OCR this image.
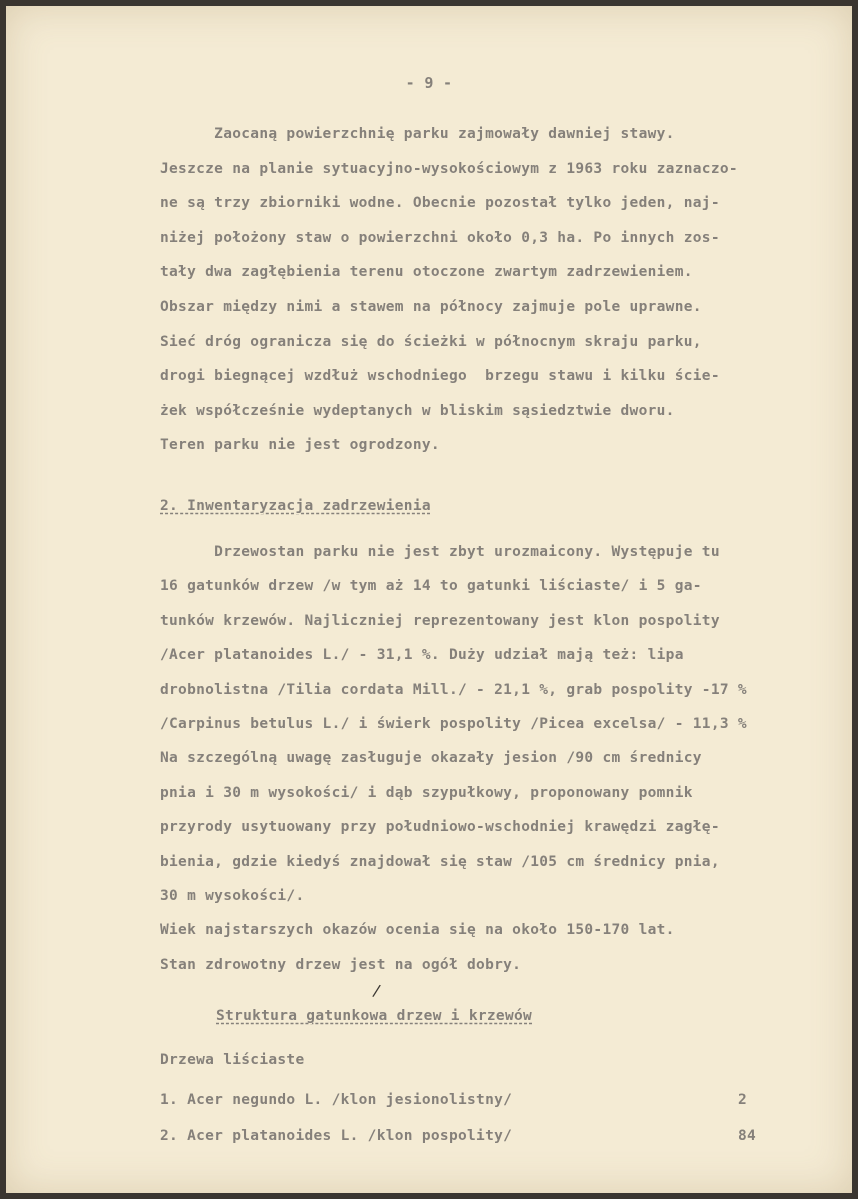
- 9 -
Zaocaną powierzchnię parku zajmowały dawniej stawy.
Jeszcze na planie sytuacyjno-wysokościowym z 1963 roku zaznaczo-
ne są trzy zbiorniki wodne. Obecnie pozostał tylko jeden, naj-
niżej położony staw o powierzchni około 0,3 ha. Po innych zos-
tały dwa zagłębienia terenu otoczone zwartym zadrzewieniem.
Obszar między nimi a stawem na północy zajmuje pole uprawne.
Sieć dróg ogranicza się do ścieżki w północnym skraju parku,
drogi biegnącej wzdłuż wschodniego  brzegu stawu i kilku ście-
żek współcześnie wydeptanych w bliskim sąsiedztwie dworu.
Teren parku nie jest ogrodzony.
2. Inwentaryzacja zadrzewienia
Drzewostan parku nie jest zbyt urozmaicony. Występuje tu
16 gatunków drzew /w tym aż 14 to gatunki liściaste/ i 5 ga-
tunków krzewów. Najliczniej reprezentowany jest klon pospolity
/Acer platanoides L./ - 31,1 %. Duży udział mają też: lipa
drobnolistna /Tilia cordata Mill./ - 21,1 %, grab pospolity -17 %
/Carpinus betulus L./ i świerk pospolity /Picea excelsa/ - 11,3 %
Na szczególną uwagę zasługuje okazały jesion /90 cm średnicy
pnia i 30 m wysokości/ i dąb szypułkowy, proponowany pomnik
przyrody usytuowany przy południowo-wschodniej krawędzi zagłę-
bienia, gdzie kiedyś znajdował się staw /105 cm średnicy pnia,
30 m wysokości/.
Wiek najstarszych okazów ocenia się na około 150-170 lat.
Stan zdrowotny drzew jest na ogół dobry.
/
Struktura gatunkowa drzew i krzewów
Drzewa liściaste
1. Acer negundo L. /klon jesionolistny/	2
2. Acer platanoides L. /klon pospolity/	84
